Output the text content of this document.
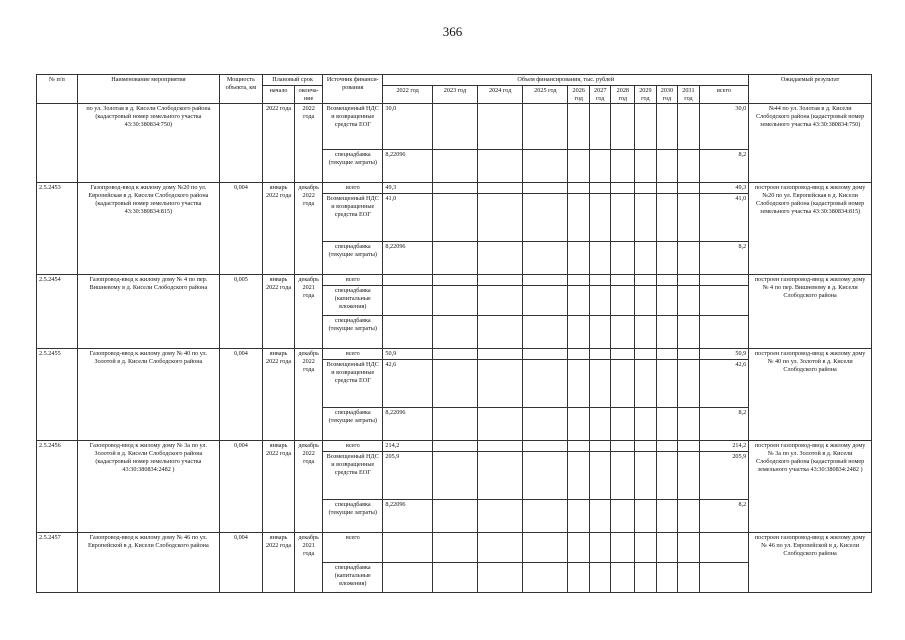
366
№ п/п	Наименование мероприятия	Мощность объекта, км	Плановый срок		Источник финанси-рования	Объем финансирования, тыс. рублей											Ожидаемый результат
			начало	оконча-ние		2022 год	2023 год	2024 год	2025 год	2026 год	2027 год	2028 год	2029 год	2030 год	2031 год	всего	

	по ул. Золотая в д. Кисели Слободского района (кадастровый номер земельного участка 43:30:380834:750)		2022 года	2022 года	Возмещенный НДС и возвращенные средства ЕОГ	30,0										30,0	№44 по ул. Золотая в д. Кисели Слободского района (кадастровый номер земельного участка 43:30:380834:750)
					спецнадбавка (текущие затраты)	8,22096										8,2	
2.5.2453	Газопровод-ввод к жилому дому №20 по ул. Европейская в д. Кисели Слободского района (кадастровый номер земельного участка 43:30:380834:815)	0,004	январь 2022 года	декабрь 2022 года	всего	49,3										49,3	построен газопровод-ввод к жилому дому №20 по ул. Европейская в д. Кисели Слободского района (кадастровый номер земельного участка 43:30:380834:815)
					Возмещенный НДС и возвращенные средства ЕОГ	41,0										41,0	
					спецнадбавка (текущие затраты)	8,22096										8,2	
2.5.2454	Газопровод-ввод к жилому дому № 4 по пер. Вишневому в д. Кисели Слободского района	0,005	январь 2022 года	декабрь 2021 года	всего												построен газопровод-ввод к жилому дому № 4 по пер. Вишневому в д. Кисели Слободского района
					спецнадбавка (капитальные вложения)												
					спецнадбавка (текущие затраты)												
2.5.2455	Газопровод-ввод к жилому дому № 40 по ул. Золотой в д. Кисели Слободского района	0,004	январь 2022 года	декабрь 2022 года	всего	50,9										50,9	построен газопровод-ввод к жилому дому № 40 по ул. Золотой в д. Кисели Слободского района
					Возмещенный НДС и возвращенные средства ЕОГ	42,6										42,6	
					спецнадбавка (текущие затраты)	8,22096										8,2	
2.5.2456	Газопровод-ввод к жилому дому № 3а по ул. Золотой в д. Кисели Слободского района (кадастровый номер земельного участка 43:30:380834:2482 )	0,004	январь 2022 года	декабрь 2022 года	всего	214,2										214,2	построен газопровод-ввод к жилому дому № 3а по ул. Золотой в д. Кисели Слободского района (кадастровый номер земельного участка 43:30:380834:2482 )
					Возмещенный НДС и возвращенные средства ЕОГ	205,9										205,9	
					спецнадбавка (текущие затраты)	8,22096										8,2	
2.5.2457	Газопровод-ввод к жилому дому № 46 по ул. Европейской в д. Кисели Слободского района	0,004	январь 2022 года	декабрь 2021 года	всего												построен газопровод-ввод к жилому дому № 46 по ул. Европейской в д. Кисели Слободского района
					спецнадбавка (капитальные вложения)												
